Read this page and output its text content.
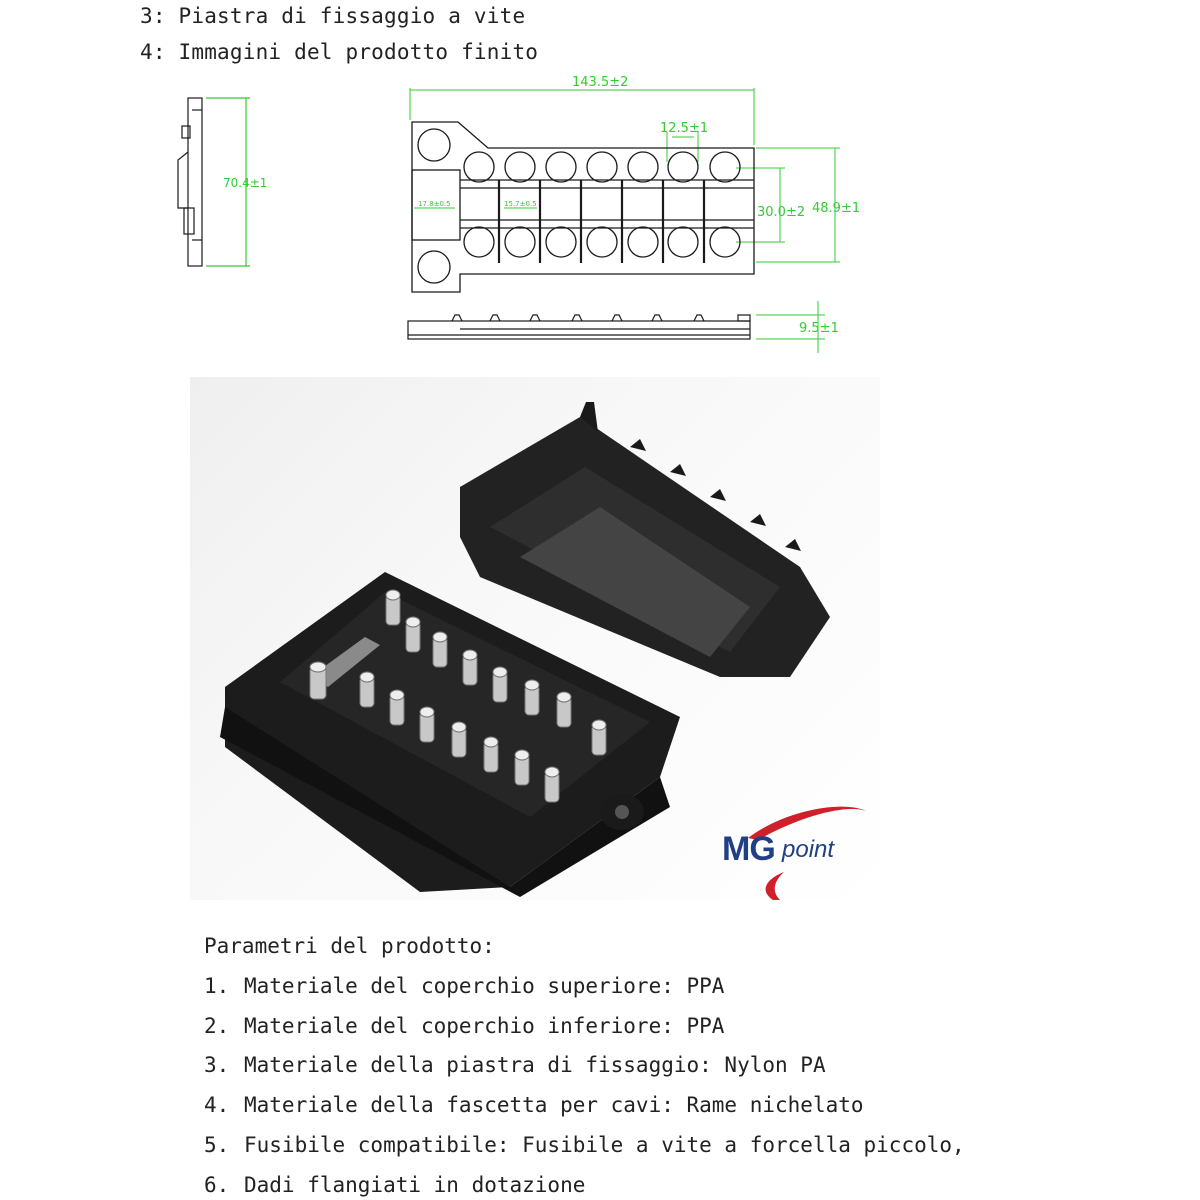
3: Piastra di fissaggio a vite
4: Immagini del prodotto finito
70.4±1
143.5±2
12.5±1
30.0±2 48.9±1
17.8±0.5	15.7±0.5
9.5±1
MG point
Parametri del prodotto:
1. Materiale del coperchio superiore: PPA
2. Materiale del coperchio inferiore: PPA
3. Materiale della piastra di fissaggio: Nylon PA
4. Materiale della fascetta per cavi: Rame nichelato
5. Fusibile compatibile: Fusibile a vite a forcella piccolo,
6. Dadi flangiati in dotazione
